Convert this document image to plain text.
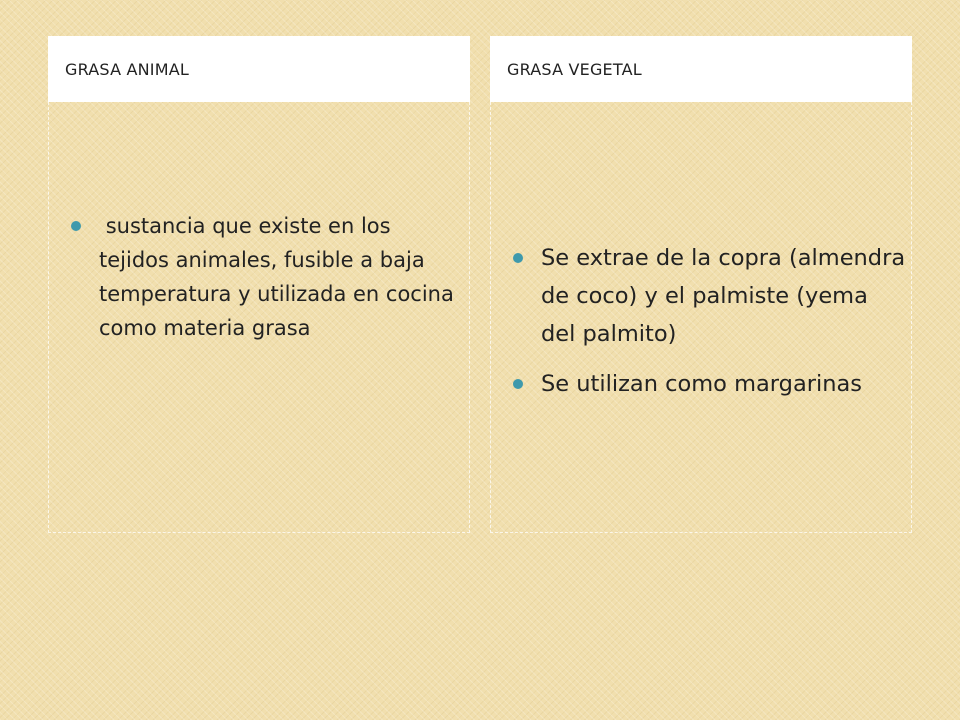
GRASA ANIMAL
sustancia que existe en los tejidos animales, fusible a baja temperatura y utilizada en cocina como materia grasa
GRASA VEGETAL
Se extrae de la copra (almendra de coco) y el palmiste (yema del palmito)
Se utilizan como margarinas
